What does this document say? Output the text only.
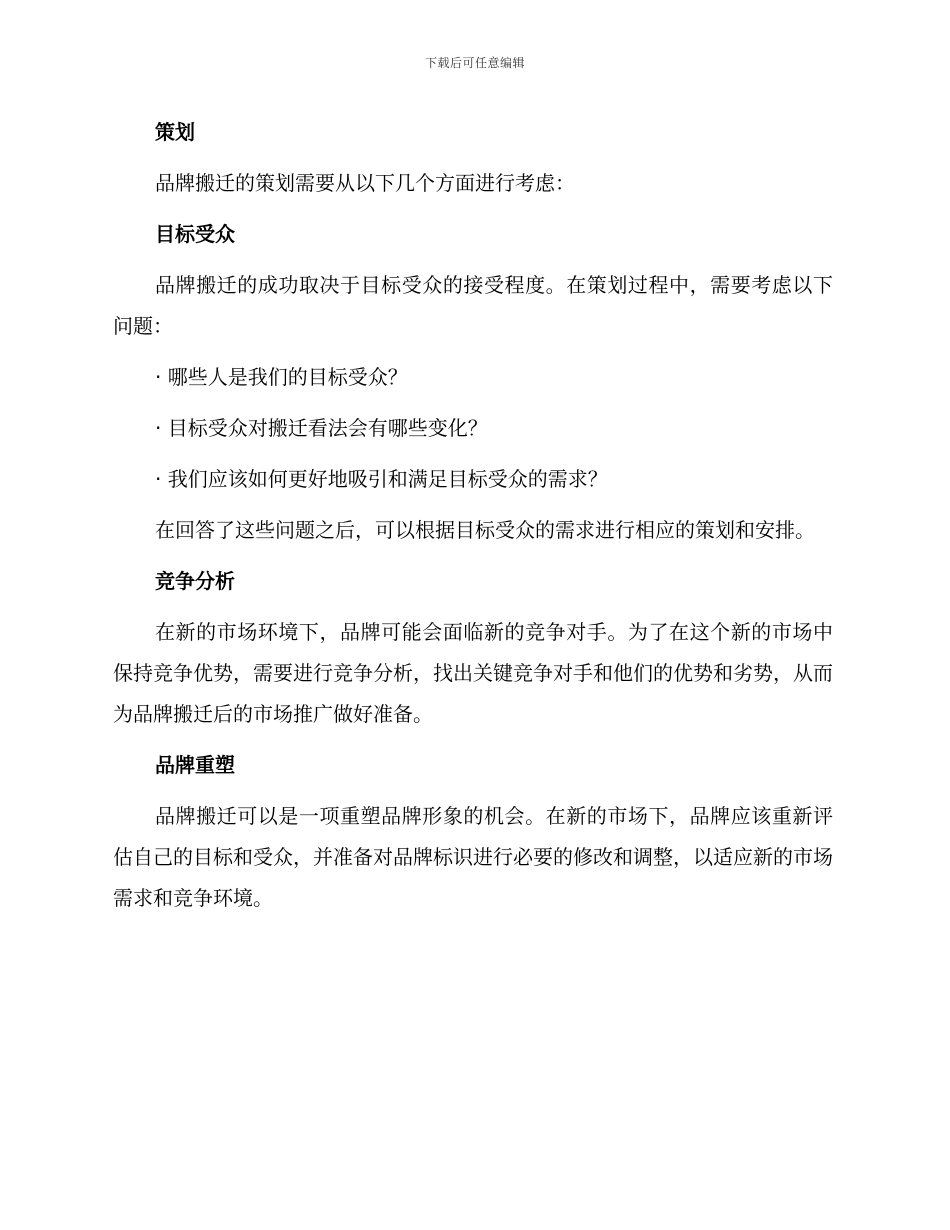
下载后可任意编辑
策划
品牌搬迁的策划需要从以下几个方面进行考虑：
目标受众
品牌搬迁的成功取决于目标受众的接受程度。在策划过程中，需要考虑以下问题：
· 哪些人是我们的目标受众？
· 目标受众对搬迁看法会有哪些变化？
· 我们应该如何更好地吸引和满足目标受众的需求？
在回答了这些问题之后，可以根据目标受众的需求进行相应的策划和安排。
竞争分析
在新的市场环境下，品牌可能会面临新的竞争对手。为了在这个新的市场中保持竞争优势，需要进行竞争分析，找出关键竞争对手和他们的优势和劣势，从而为品牌搬迁后的市场推广做好准备。
品牌重塑
品牌搬迁可以是一项重塑品牌形象的机会。在新的市场下，品牌应该重新评估自己的目标和受众，并准备对品牌标识进行必要的修改和调整，以适应新的市场需求和竞争环境。
